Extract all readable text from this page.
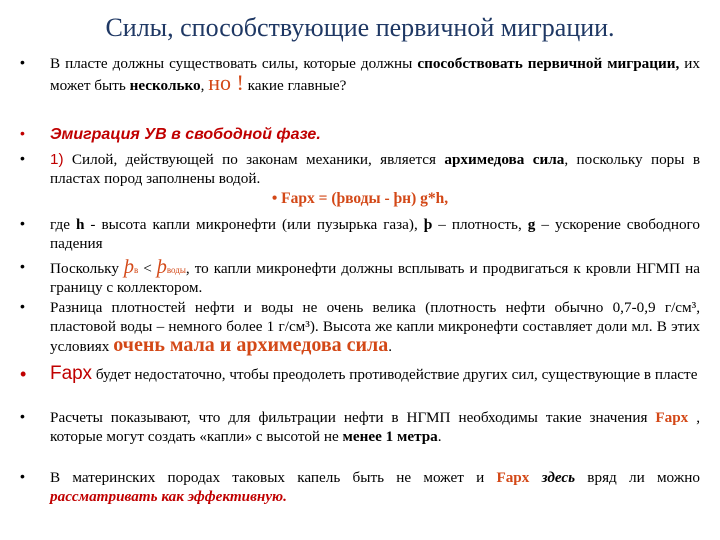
Силы, способствующие первичной миграции.
• В пласте должны существовать силы, которые должны способствовать первичной миграции, их может быть несколько, но ! какие главные?
• Эмиграция УВ в свободной фазе.
• 1) Силой, действующей по законам механики, является архимедова сила, поскольку поры в пластах пород заполнены водой.
• Fарх = (þводы - þн) g*h,
• где h - высота капли микронефти (или пузырька газа), þ – плотность, g – ускорение свободного падения
• Поскольку þв < þводы, то капли микронефти должны всплывать и продвигаться к кровли НГМП на границу с коллектором.
• Разница плотностей нефти и воды не очень велика (плотность нефти обычно 0,7-0,9 г/см³, пластовой воды – немного более 1 г/см³). Высота же капли микронефти составляет доли мл. В этих условиях очень мала и архимедова сила.
• Fарх будет недостаточно, чтобы преодолеть противодействие других сил, существующие в пласте
• Расчеты показывают, что для фильтрации нефти в НГМП необходимы такие значения Fарх , которые могут создать «капли» с высотой не менее 1 метра.
• В материнских породах таковых капель быть не может и Fарх здесь вряд ли можно рассматривать как эффективную.
